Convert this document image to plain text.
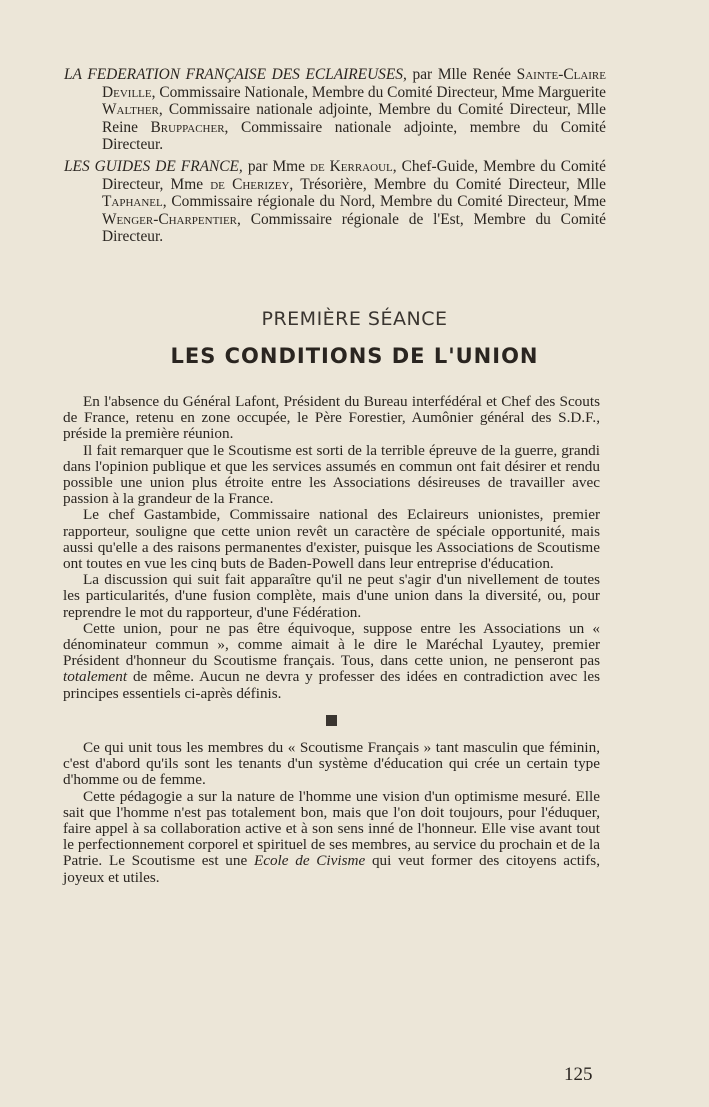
LA FEDERATION FRANÇAISE DES ECLAIREUSES, par Mlle Renée Sainte-Claire Deville, Commissaire Nationale, Membre du Comité Directeur, Mme Marguerite Walther, Commissaire nationale adjointe, Membre du Comité Directeur, Mlle Reine Bruppacher, Commissaire nationale adjointe, membre du Comité Directeur.

LES GUIDES DE FRANCE, par Mme de Kerraoul, Chef-Guide, Membre du Comité Directeur, Mme de Cherizey, Trésorière, Membre du Comité Directeur, Mlle Taphanel, Commissaire régionale du Nord, Membre du Comité Directeur, Mme Wenger-Charpentier, Commissaire régionale de l'Est, Membre du Comité Directeur.

PREMIÈRE SÉANCE
LES CONDITIONS DE L'UNION

En l'absence du Général Lafont, Président du Bureau interfédéral et Chef des Scouts de France, retenu en zone occupée, le Père Forestier, Aumônier général des S.D.F., préside la première réunion.

Il fait remarquer que le Scoutisme est sorti de la terrible épreuve de la guerre, grandi dans l'opinion publique et que les services assumés en commun ont fait désirer et rendu possible une union plus étroite entre les Associations désireuses de travailler avec passion à la grandeur de la France.

Le chef Gastambide, Commissaire national des Eclaireurs unionistes, premier rapporteur, souligne que cette union revêt un caractère de spéciale opportunité, mais aussi qu'elle a des raisons permanentes d'exister, puisque les Associations de Scoutisme ont toutes en vue les cinq buts de Baden-Powell dans leur entreprise d'éducation.

La discussion qui suit fait apparaître qu'il ne peut s'agir d'un nivellement de toutes les particularités, d'une fusion complète, mais d'une union dans la diversité, ou, pour reprendre le mot du rapporteur, d'une Fédération.

Cette union, pour ne pas être équivoque, suppose entre les Associations un « dénominateur commun », comme aimait à le dire le Maréchal Lyautey, premier Président d'honneur du Scoutisme français. Tous, dans cette union, ne penseront pas totalement de même. Aucun ne devra y professer des idées en contradiction avec les principes essentiels ci-après définis.

Ce qui unit tous les membres du « Scoutisme Français » tant masculin que féminin, c'est d'abord qu'ils sont les tenants d'un système d'éducation qui crée un certain type d'homme ou de femme.

Cette pédagogie a sur la nature de l'homme une vision d'un optimisme mesuré. Elle sait que l'homme n'est pas totalement bon, mais que l'on doit toujours, pour l'éduquer, faire appel à sa collaboration active et à son sens inné de l'honneur. Elle vise avant tout le perfectionnement corporel et spirituel de ses membres, au service du prochain et de la Patrie. Le Scoutisme est une Ecole de Civisme qui veut former des citoyens actifs, joyeux et utiles.

125
